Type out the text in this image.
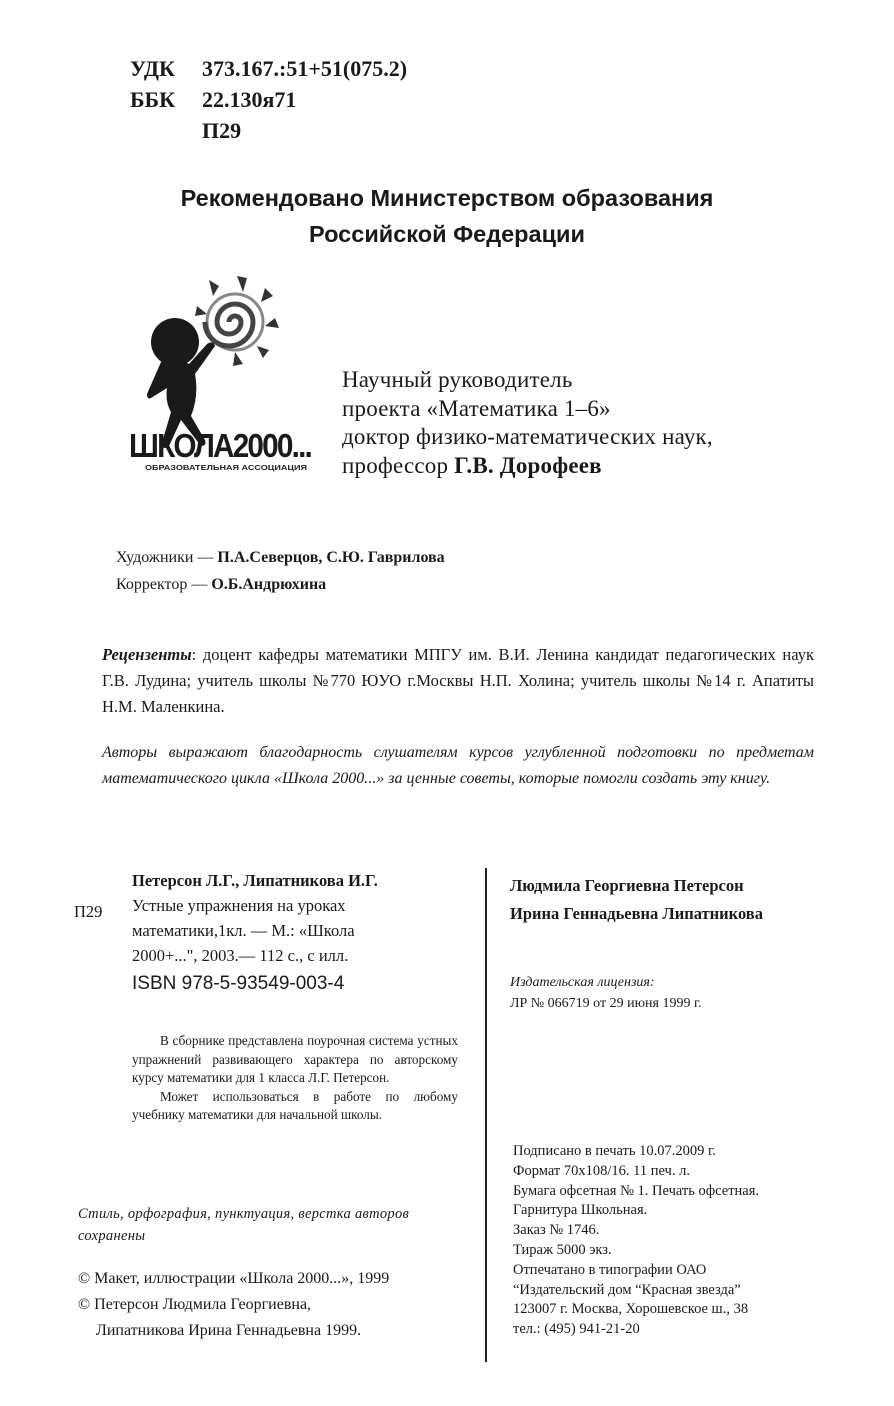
УДК	373.167.:51+51(075.2)
ББК	22.130я71
П29
Рекомендовано Министерством образования
Российской Федерации
ШКОЛА2000...
ОБРАЗОВАТЕЛЬНАЯ АССОЦИАЦИЯ
Научный руководитель
проекта «Математика 1–6»
доктор физико-математических наук,
профессор Г.В. Дорофеев
Художники — П.А.Северцов, С.Ю. Гаврилова
Корректор — О.Б.Андрюхина
Рецензенты: доцент кафедры математики МПГУ им. В.И. Ленина кандидат педагогических наук Г.В. Лудина; учитель школы №770 ЮУО г.Москвы Н.П. Холина; учитель школы №14 г. Апатиты Н.М. Маленкина.
Авторы выражают благодарность слушателям курсов углубленной подготовки по предметам математического цикла «Школа 2000...» за ценные советы, которые помогли создать эту книгу.
П29
Петерсон Л.Г., Липатникова И.Г.
Устные упражнения на уроках
математики,1кл. — М.: «Школа
2000+...", 2003.— 112 с., с илл.
ISBN 978-5-93549-003-4

В сборнике представлена поурочная система устных упражнений развивающего характера по авторскому курсу математики для 1 класса Л.Г. Петерсон.

Может использоваться в работе по любому учебнику математики для начальной школы.

Стиль, орфография, пунктуация, верстка авторов сохранены
© Макет, иллюстрации «Школа 2000...», 1999
© Петерсон Людмила Георгиевна,
Липатникова Ирина Геннадьевна 1999.
Людмила Георгиевна Петерсон
Ирина Геннадьевна Липатникова
Издательская лицензия:
ЛР № 066719 от 29 июня 1999 г.
Подписано в печать 10.07.2009 г.
Формат 70х108/16. 11 печ. л.
Бумага офсетная № 1. Печать офсетная.
Гарнитура Школьная.
Заказ № 1746.
Тираж 5000 экз.
Отпечатано в типографии ОАО
“Издательский дом “Красная звезда”
123007 г. Москва, Хорошевское ш., 38
тел.: (495) 941-21-20
